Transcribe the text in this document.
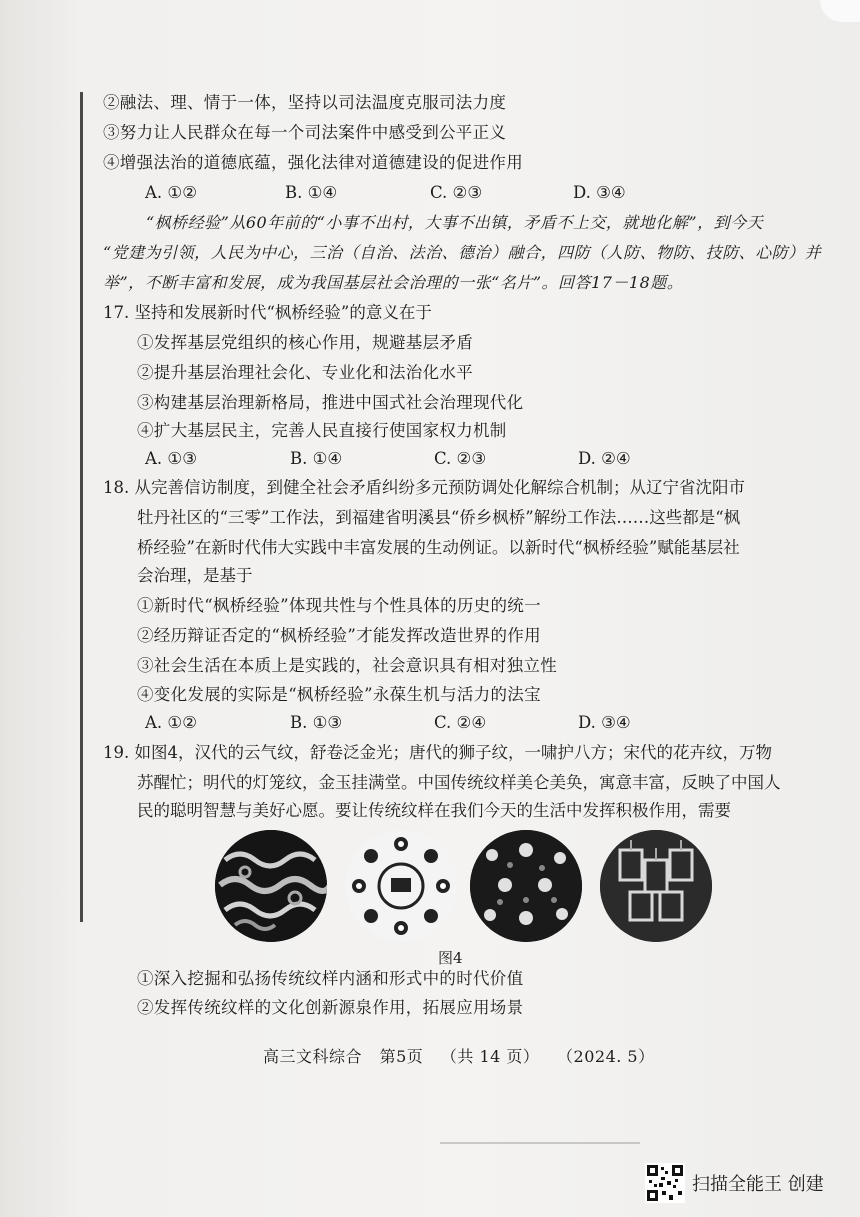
②融法、理、情于一体，坚持以司法温度克服司法力度
③努力让人民群众在每一个司法案件中感受到公平正义
④增强法治的道德底蕴，强化法律对道德建设的促进作用
A. ①②	B. ①④	C. ②③	D. ③④
“枫桥经验”从60年前的“小事不出村，大事不出镇，矛盾不上交，就地化解”，到今天
“党建为引领，人民为中心，三治（自治、法治、德治）融合，四防（人防、物防、技防、心防）并
举”，不断丰富和发展，成为我国基层社会治理的一张“名片”。回答17－18题。
17. 坚持和发展新时代“枫桥经验”的意义在于
①发挥基层党组织的核心作用，规避基层矛盾
②提升基层治理社会化、专业化和法治化水平
③构建基层治理新格局，推进中国式社会治理现代化
④扩大基层民主，完善人民直接行使国家权力机制
A. ①③	B. ①④	C. ②③	D. ②④
18. 从完善信访制度，到健全社会矛盾纠纷多元预防调处化解综合机制；从辽宁省沈阳市
牡丹社区的“三零”工作法，到福建省明溪县“侨乡枫桥”解纷工作法……这些都是“枫
桥经验”在新时代伟大实践中丰富发展的生动例证。以新时代“枫桥经验”赋能基层社
会治理，是基于
①新时代“枫桥经验”体现共性与个性具体的历史的统一
②经历辩证否定的“枫桥经验”才能发挥改造世界的作用
③社会生活在本质上是实践的，社会意识具有相对独立性
④变化发展的实际是“枫桥经验”永葆生机与活力的法宝
A. ①②	B. ①③	C. ②④	D. ③④
19. 如图4，汉代的云气纹，舒卷泛金光；唐代的狮子纹，一啸护八方；宋代的花卉纹，万物
苏醒忙；明代的灯笼纹，金玉挂满堂。中国传统纹样美仑美奂，寓意丰富，反映了中国人
民的聪明智慧与美好心愿。要让传统纹样在我们今天的生活中发挥积极作用，需要
图4
①深入挖掘和弘扬传统纹样内涵和形式中的时代价值
②发挥传统纹样的文化创新源泉作用，拓展应用场景
高三文科综合 第5页 （共 14 页） （2024. 5）
扫描全能王 创建
